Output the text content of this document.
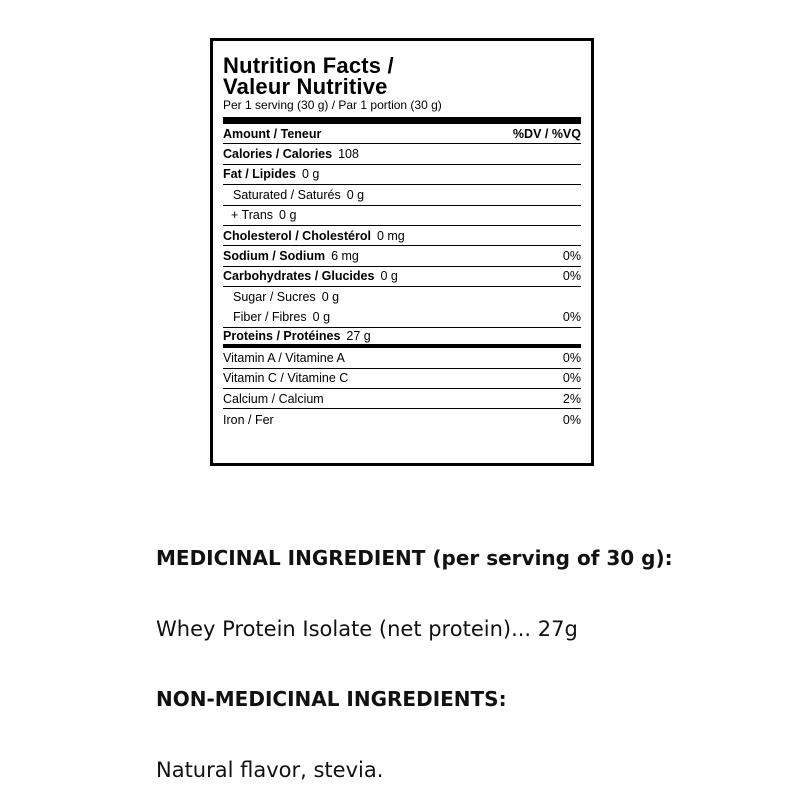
Nutrition Facts /
Valeur Nutritive
Per 1 serving (30 g) / Par 1 portion (30 g)
Amount / Teneur	%DV / %VQ
Calories / Calories 108
Fat / Lipides 0 g
Saturated / Saturés 0 g
+ Trans 0 g
Cholesterol / Cholestérol 0 mg
Sodium / Sodium 6 mg	0%
Carbohydrates / Glucides 0 g	0%
Sugar / Sucres 0 g
Fiber / Fibres 0 g	0%
Proteins / Protéines 27 g
Vitamin A / Vitamine A	0%
Vitamin C / Vitamine C	0%
Calcium / Calcium	2%
Iron / Fer	0%
MEDICINAL INGREDIENT (per serving of 30 g):
Whey Protein Isolate (net protein)... 27g
NON-MEDICINAL INGREDIENTS:
Natural flavor, stevia.
